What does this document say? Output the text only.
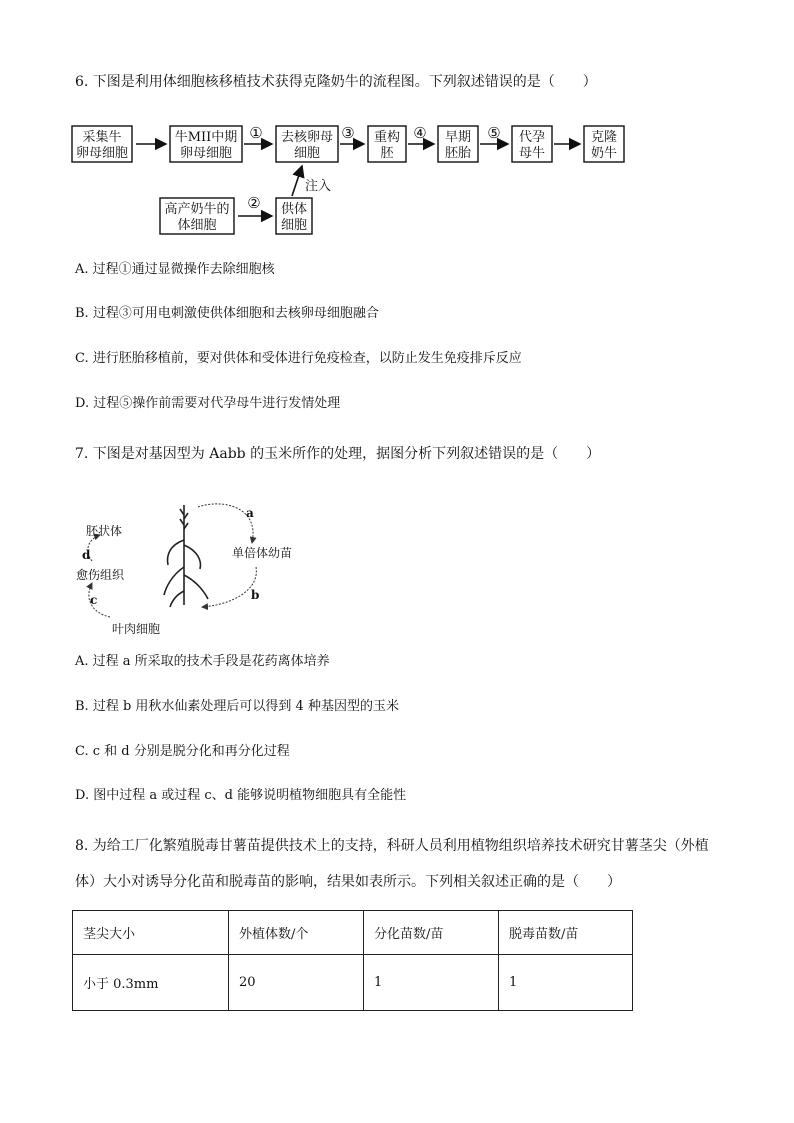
6. 下图是利用体细胞核移植技术获得克隆奶牛的流程图。下列叙述错误的是（　　）
采集牛
卵母细胞
牛MII中期
卵母细胞
去核卵母
细胞
重构
胚
早期
胚胎
代孕
母牛
克隆
奶牛
高产奶牛的
体细胞
供体
细胞
①	③	④	⑤
②
注入
A. 过程①通过显微操作去除细胞核
B. 过程③可用电刺激使供体细胞和去核卵母细胞融合
C. 进行胚胎移植前，要对供体和受体进行免疫检查，以防止发生免疫排斥反应
D. 过程⑤操作前需要对代孕母牛进行发情处理
7. 下图是对基因型为 Aabb 的玉米所作的处理，据图分析下列叙述错误的是（　　）
胚状体
愈伤组织
叶肉细胞
单倍体幼苗
a
b
c
d
A. 过程 a 所采取的技术手段是花药离体培养
B. 过程 b 用秋水仙素处理后可以得到 4 种基因型的玉米
C. c 和 d 分别是脱分化和再分化过程
D. 图中过程 a 或过程 c、d 能够说明植物细胞具有全能性
8. 为给工厂化繁殖脱毒甘薯苗提供技术上的支持，科研人员利用植物组织培养技术研究甘薯茎尖（外植
体）大小对诱导分化苗和脱毒苗的影响，结果如表所示。下列相关叙述正确的是（　　）
茎尖大小	外植体数/个	分化苗数/苗	脱毒苗数/苗
小于 0.3mm	20	1	1
